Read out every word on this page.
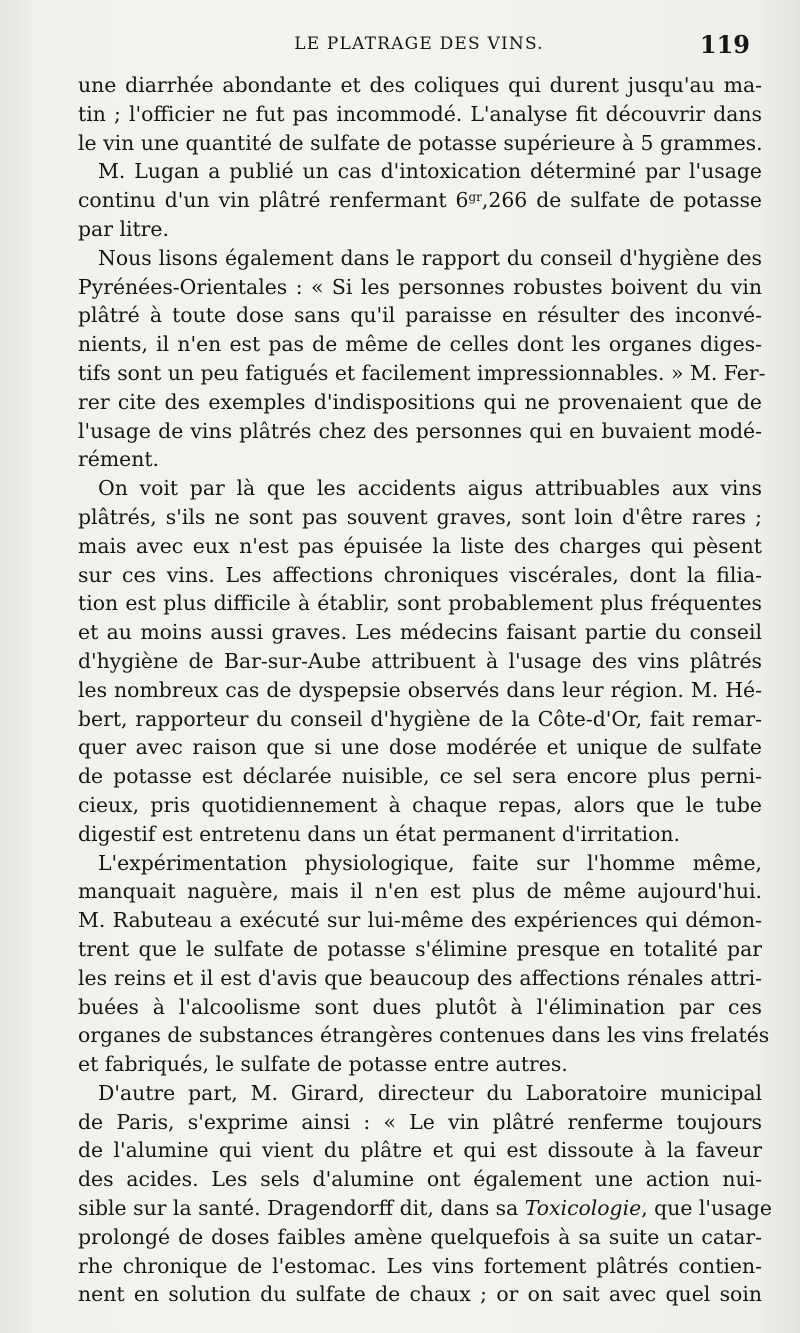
LE PLATRAGE DES VINS.	119
une diarrhée abondante et des coliques qui durent jusqu'au ma-
tin ; l'officier ne fut pas incommodé. L'analyse fit découvrir dans
le vin une quantité de sulfate de potasse supérieure à 5 grammes.
M. Lugan a publié un cas d'intoxication déterminé par l'usage
continu d'un vin plâtré renfermant $6^{gr},266$ de sulfate de potasse
par litre.
Nous lisons également dans le rapport du conseil d'hygiène des
Pyrénées-Orientales : « Si les personnes robustes boivent du vin
plâtré à toute dose sans qu'il paraisse en résulter des inconvé-
nients, il n'en est pas de même de celles dont les organes diges-
tifs sont un peu fatigués et facilement impressionnables. » M. Fer-
rer cite des exemples d'indispositions qui ne provenaient que de
l'usage de vins plâtrés chez des personnes qui en buvaient modé-
rément.
On voit par là que les accidents aigus attribuables aux vins
plâtrés, s'ils ne sont pas souvent graves, sont loin d'être rares ;
mais avec eux n'est pas épuisée la liste des charges qui pèsent
sur ces vins. Les affections chroniques viscérales, dont la filia-
tion est plus difficile à établir, sont probablement plus fréquentes
et au moins aussi graves. Les médecins faisant partie du conseil
d'hygiène de Bar-sur-Aube attribuent à l'usage des vins plâtrés
les nombreux cas de dyspepsie observés dans leur région. M. Hé-
bert, rapporteur du conseil d'hygiène de la Côte-d'Or, fait remar-
quer avec raison que si une dose modérée et unique de sulfate
de potasse est déclarée nuisible, ce sel sera encore plus perni-
cieux, pris quotidiennement à chaque repas, alors que le tube
digestif est entretenu dans un état permanent d'irritation.
L'expérimentation physiologique, faite sur l'homme même,
manquait naguère, mais il n'en est plus de même aujourd'hui.
M. Rabuteau a exécuté sur lui-même des expériences qui démon-
trent que le sulfate de potasse s'élimine presque en totalité par
les reins et il est d'avis que beaucoup des affections rénales attri-
buées à l'alcoolisme sont dues plutôt à l'élimination par ces
organes de substances étrangères contenues dans les vins frelatés
et fabriqués, le sulfate de potasse entre autres.
D'autre part, M. Girard, directeur du Laboratoire municipal
de Paris, s'exprime ainsi : « Le vin plâtré renferme toujours
de l'alumine qui vient du plâtre et qui est dissoute à la faveur
des acides. Les sels d'alumine ont également une action nui-
sible sur la santé. Dragendorff dit, dans sa Toxicologie, que l'usage
prolongé de doses faibles amène quelquefois à sa suite un catar-
rhe chronique de l'estomac. Les vins fortement plâtrés contien-
nent en solution du sulfate de chaux ; or on sait avec quel soin
